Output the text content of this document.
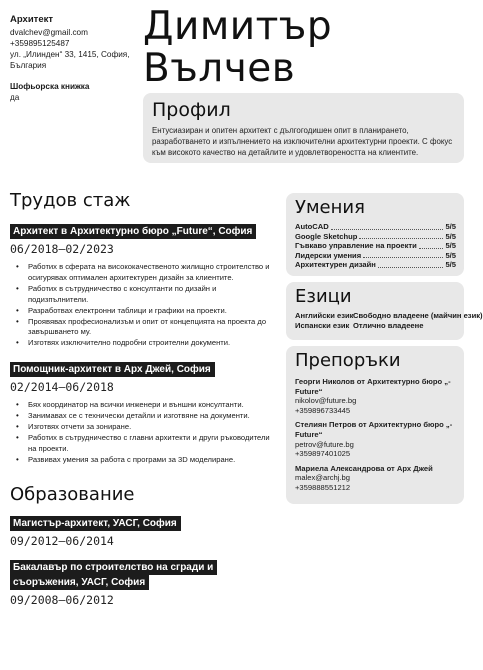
Архитект
dvalchev@gmail.com
+359895125487
ул. „Илинден“ 33, 1415, София,
България
Шофьорска книжка
да
Димитър
Вълчев
Профил

Ентусиазиран и опитен архитект с дългогодишен опит в планирането, разработването и изпълнението на изключителни архитектурни проекти. С фокус към високото качество на детайлите и удовлетвореността на клиентите.

Трудов стаж
Архитект в Архитектурно бюро „Future“, София
06/2018—02/2023
• Работих в сферата на висококачественото жилищно строителство и осигурявах оптимален архитектурен дизайн за клиентите.
• Работих в сътрудничество с консултанти по дизайн и подизпълнители.
• Разработвах електронни таблици и графики на проекти.
• Проявявах професионализъм и опит от концепцията на проекта до завършването му.
• Изготвях изключително подробни строителни документи.
Помощник-архитект в Арх Джей, София
02/2014—06/2018
• Бях координатор на всички инженери и външни консултанти.
• Занимавах се с технически детайли и изготвяне на документи.
• Изготвях отчети за зониране.
• Работих в сътрудничество с главни архитекти и други ръководители на проекти.
• Развивах умения за работа с програми за 3D моделиране.
Образование
Магистър-архитект, УАСГ, София
09/2012—06/2014
Бакалавър по строителство на сгради и
съоръжения, УАСГ, София
09/2008—06/2012
Умения
AutoCAD	5/5
Google Sketchup	5/5
Гъвкаво управление на проекти	5/5
Лидерски умения	5/5
Архитектурен дизайн	5/5
Езици
Английски език Свободно владеене (майчин език)
Испански език Отлично владеене
Препоръки
Георги Николов от Архитектурно бюро „-Future“
nikolov@future.bg
+359896733445
Стелиян Петров от Архитектурно бюро „-Future“
petrov@future.bg
+359897401025
Мариела Александрова от Арх Джей
malex@archj.bg
+359888551212
